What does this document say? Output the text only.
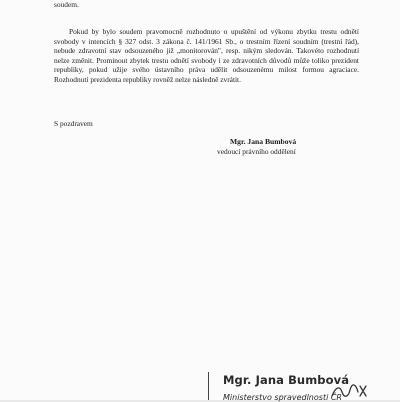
soudem.
Pokud by bylo soudem pravomocně rozhodnuto o upuštění od výkonu zbytku trestu odnětí svobody v intencích § 327 odst. 3 zákona č. 141/1961 Sb., o trestním řízení soudním (trestní řád), nebude zdravotní stav odsouzeného již „monitorován", resp. nikým sledován. Takovéto rozhodnutí nelze změnit. Prominout zbytek trestu odnětí svobody i ze zdravotních důvodů může toliko prezident republiky, pokud užije svého ústavního práva udělit odsouzenému milost formou agraciace. Rozhodnutí prezidenta republiky rovněž nelze následně zvrátit.
S pozdravem
Mgr. Jana Bumbová
vedoucí právního oddělení
Mgr. Jana Bumbová
Ministerstvo spravedlnosti ČR
